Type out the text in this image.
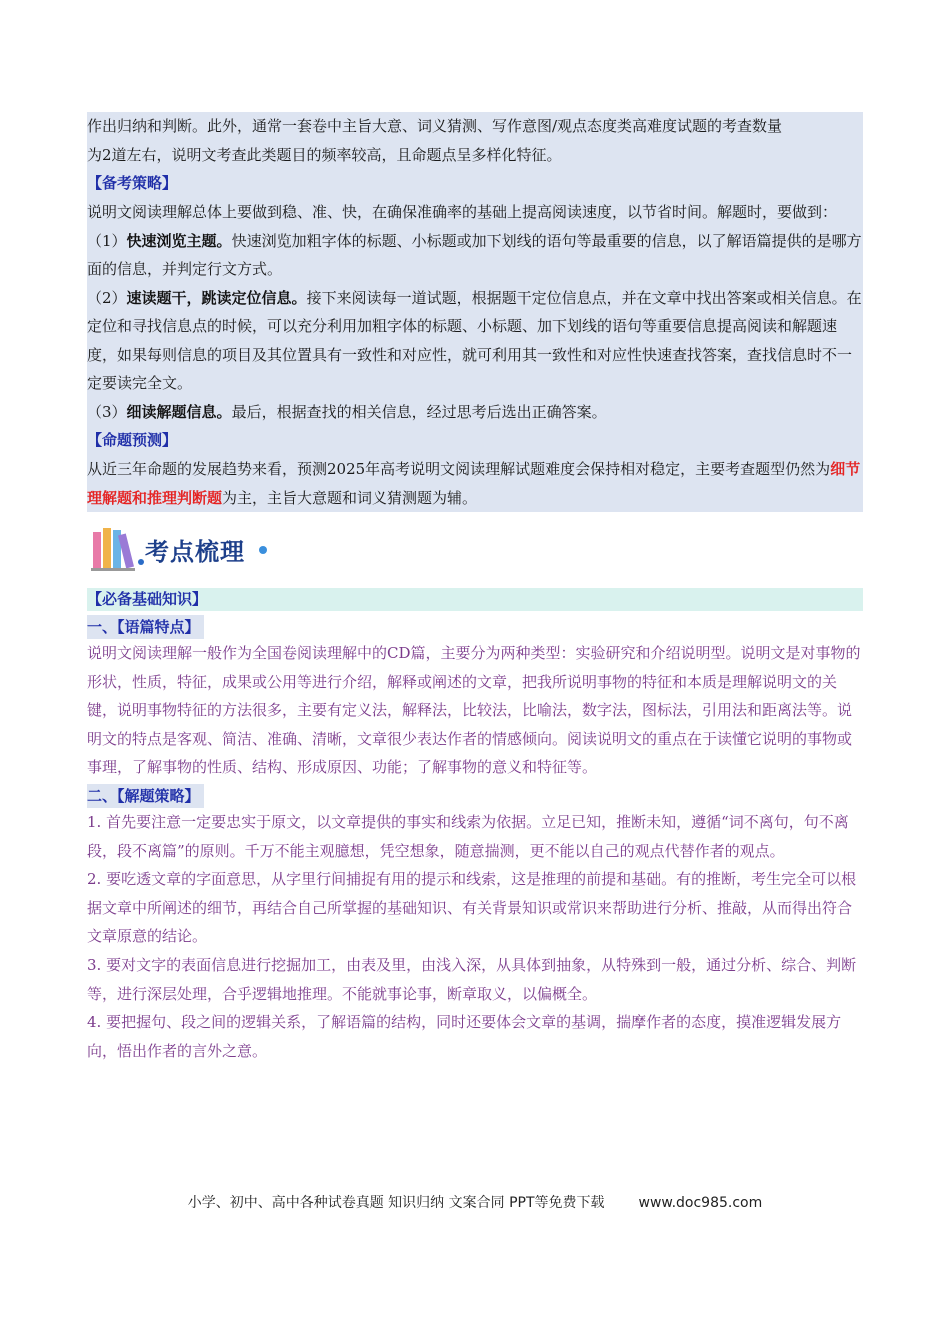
作出归纳和判断。此外，通常一套卷中主旨大意、词义猜测、写作意图/观点态度类高难度试题的考查数量
为2道左右，说明文考查此类题目的频率较高，且命题点呈多样化特征。
【备考策略】
说明文阅读理解总体上要做到稳、准、快，在确保准确率的基础上提高阅读速度，以节省时间。解题时，要做到：
（1）快速浏览主题。快速浏览加粗字体的标题、小标题或加下划线的语句等最重要的信息，以了解语篇提供的是哪方面的信息，并判定行文方式。
（2）速读题干，跳读定位信息。接下来阅读每一道试题，根据题干定位信息点，并在文章中找出答案或相关信息。在定位和寻找信息点的时候，可以充分利用加粗字体的标题、小标题、加下划线的语句等重要信息提高阅读和解题速度，如果每则信息的项目及其位置具有一致性和对应性，就可利用其一致性和对应性快速查找答案，查找信息时不一定要读完全文。
（3）细读解题信息。最后，根据查找的相关信息，经过思考后选出正确答案。
【命题预测】
从近三年命题的发展趋势来看，预测2025年高考说明文阅读理解试题难度会保持相对稳定，主要考查题型仍然为细节理解题和推理判断题为主，主旨大意题和词义猜测题为辅。
考点梳理
【必备基础知识】
一、【语篇特点】
说明文阅读理解一般作为全国卷阅读理解中的CD篇，主要分为两种类型：实验研究和介绍说明型。说明文是对事物的形状，性质，特征，成果或公用等进行介绍，解释或阐述的文章，把我所说明事物的特征和本质是理解说明文的关键，说明事物特征的方法很多，主要有定义法，解释法，比较法，比喻法，数字法，图标法，引用法和距离法等。说明文的特点是客观、简洁、准确、清晰，文章很少表达作者的情感倾向。阅读说明文的重点在于读懂它说明的事物或事理，了解事物的性质、结构、形成原因、功能；了解事物的意义和特征等。
二、【解题策略】
1. 首先要注意一定要忠实于原文，以文章提供的事实和线索为依据。立足已知，推断未知，遵循“词不离句，句不离段，段不离篇”的原则。千万不能主观臆想，凭空想象，随意揣测，更不能以自己的观点代替作者的观点。
2. 要吃透文章的字面意思，从字里行间捕捉有用的提示和线索，这是推理的前提和基础。有的推断，考生完全可以根据文章中所阐述的细节，再结合自己所掌握的基础知识、有关背景知识或常识来帮助进行分析、推敲，从而得出符合文章原意的结论。
3. 要对文字的表面信息进行挖掘加工，由表及里，由浅入深，从具体到抽象，从特殊到一般，通过分析、综合、判断等，进行深层处理，合乎逻辑地推理。不能就事论事，断章取义，以偏概全。
4. 要把握句、段之间的逻辑关系，了解语篇的结构，同时还要体会文章的基调，揣摩作者的态度，摸准逻辑发展方向，悟出作者的言外之意。
小学、初中、高中各种试卷真题 知识归纳 文案合同 PPT等免费下载 www.doc985.com
